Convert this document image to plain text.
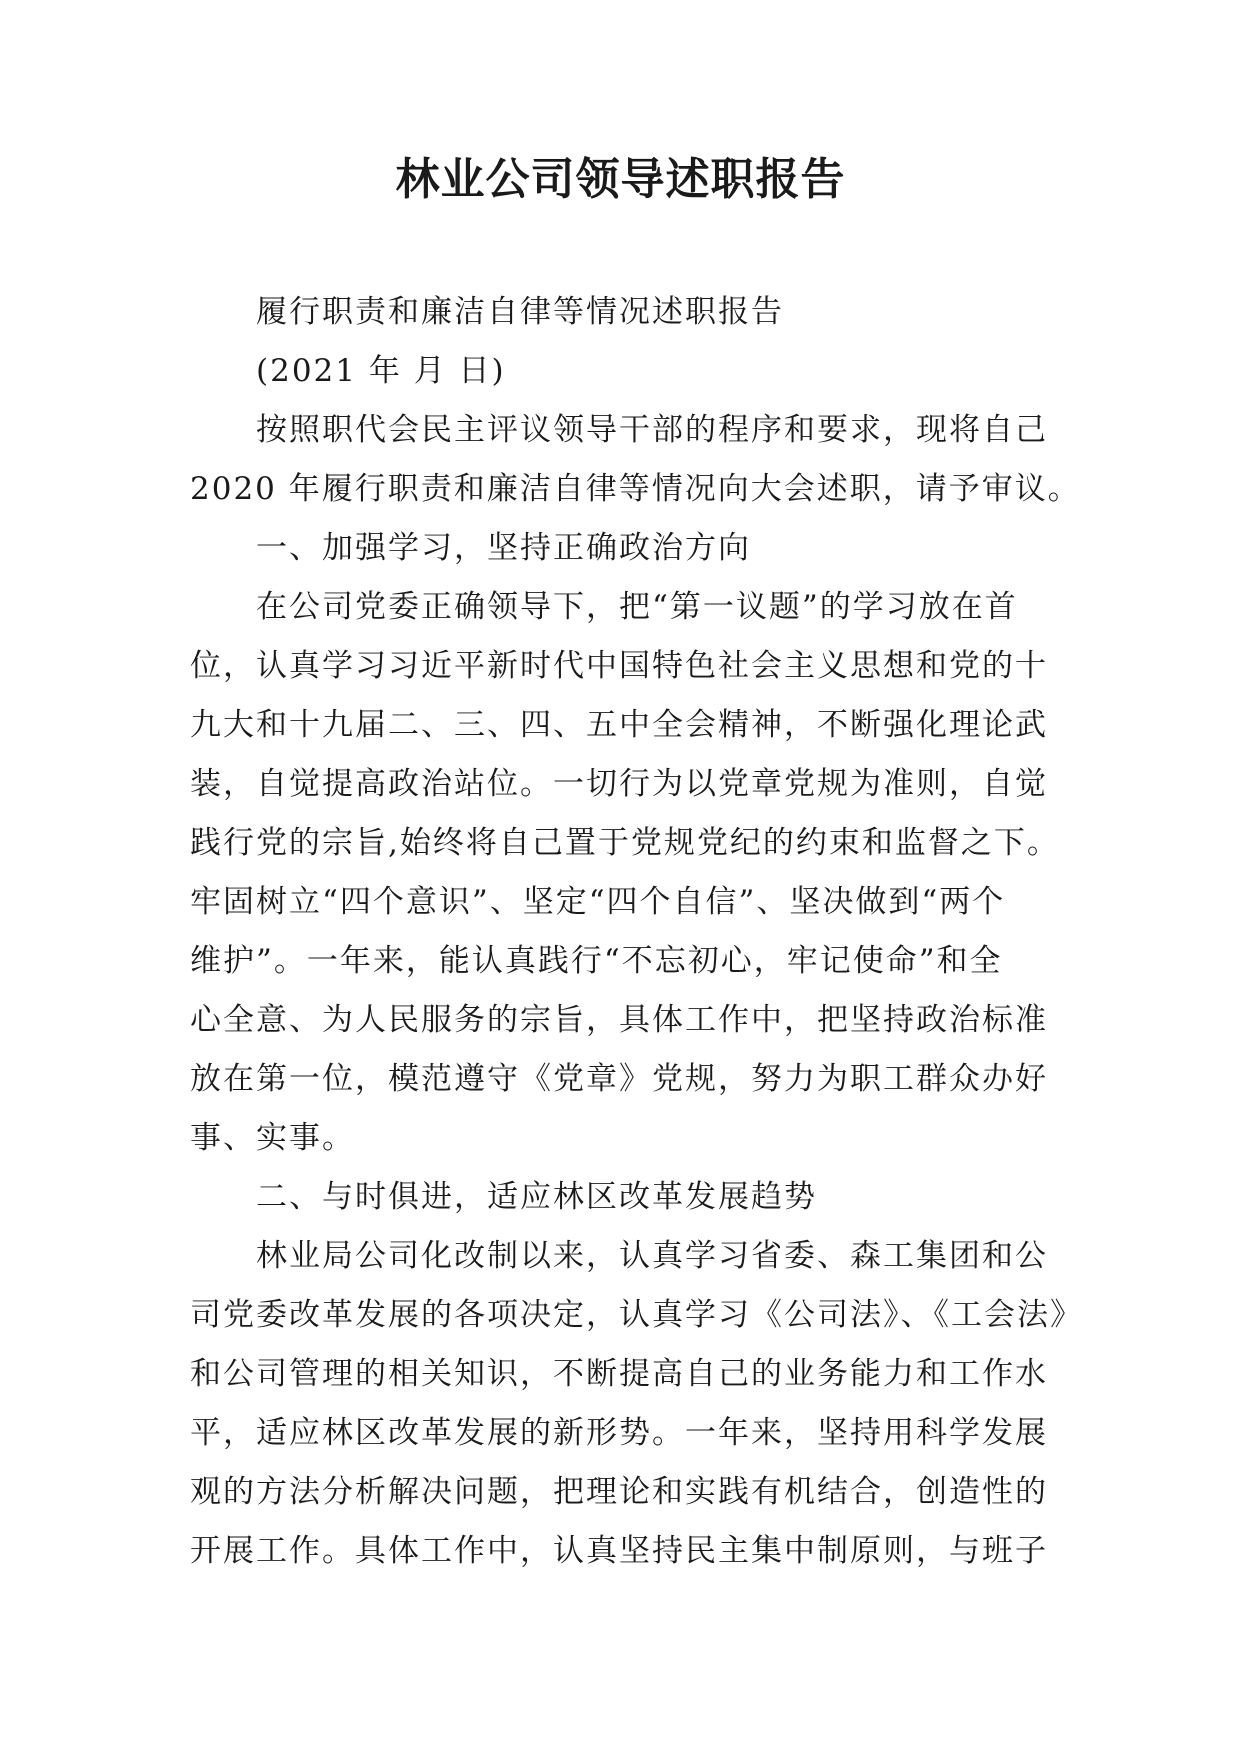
林业公司领导述职报告
履行职责和廉洁自律等情况述职报告
(2021 年 月 日)
按照职代会民主评议领导干部的程序和要求，现将自己
2020 年履行职责和廉洁自律等情况向大会述职，请予审议。
一、加强学习，坚持正确政治方向
在公司党委正确领导下，把“第一议题”的学习放在首
位，认真学习习近平新时代中国特色社会主义思想和党的十
九大和十九届二、三、四、五中全会精神，不断强化理论武
装，自觉提高政治站位。一切行为以党章党规为准则，自觉
践行党的宗旨,始终将自己置于党规党纪的约束和监督之下。
牢固树立“四个意识”、坚定“四个自信”、坚决做到“两个
维护”。一年来，能认真践行“不忘初心，牢记使命”和全
心全意、为人民服务的宗旨，具体工作中，把坚持政治标准
放在第一位，模范遵守《党章》党规，努力为职工群众办好
事、实事。
二、与时俱进，适应林区改革发展趋势
林业局公司化改制以来，认真学习省委、森工集团和公
司党委改革发展的各项决定，认真学习《公司法》、《工会法》
和公司管理的相关知识，不断提高自己的业务能力和工作水
平，适应林区改革发展的新形势。一年来，坚持用科学发展
观的方法分析解决问题，把理论和实践有机结合，创造性的
开展工作。具体工作中，认真坚持民主集中制原则，与班子
